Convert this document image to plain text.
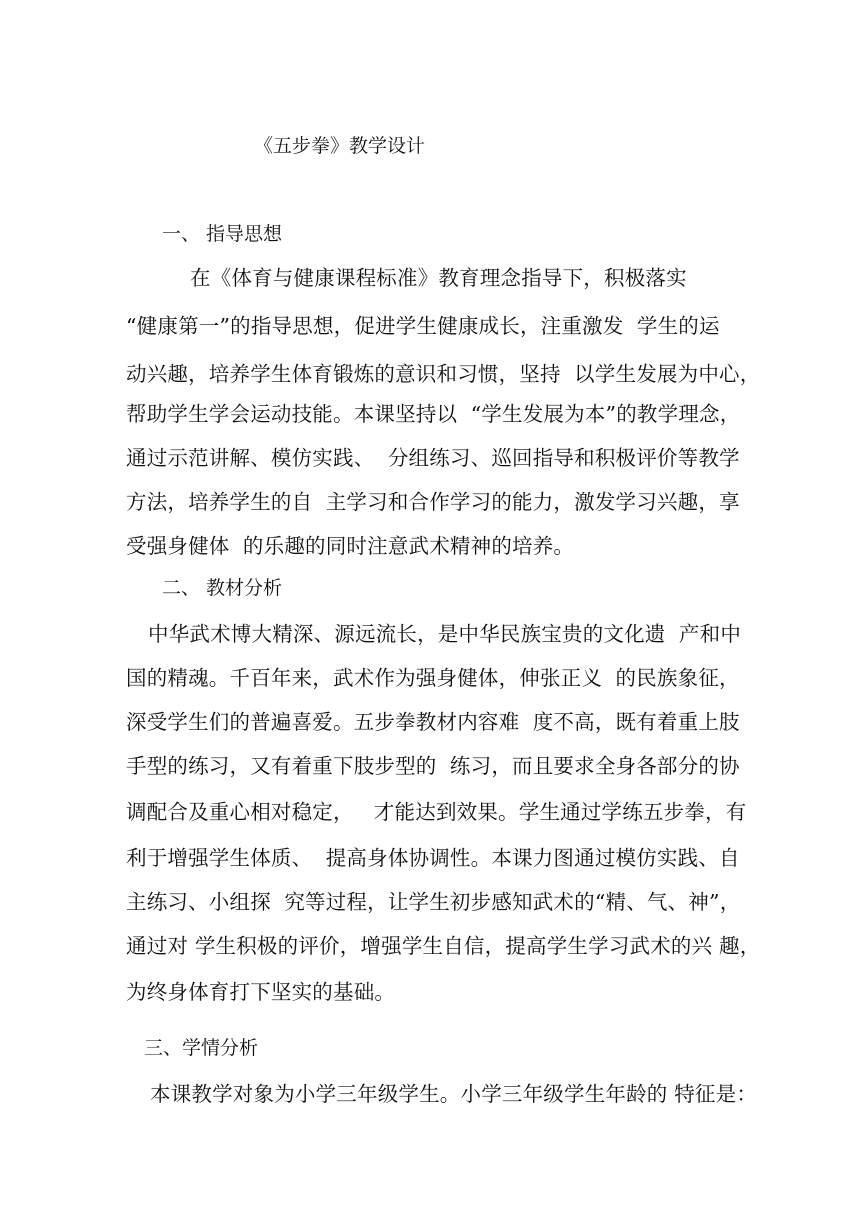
《五步拳》教学设计
一、 指导思想
在《体育与健康课程标准》教育理念指导下，积极落实
“健康第一”的指导思想，促进学生健康成长，注重激发  学生的运
动兴趣，培养学生体育锻炼的意识和习惯，坚持  以学生发展为中心，
帮助学生学会运动技能。本课坚持以  “学生发展为本”的教学理念，
通过示范讲解、模仿实践、  分组练习、巡回指导和积极评价等教学
方法，培养学生的自  主学习和合作学习的能力，激发学习兴趣，享
受强身健体  的乐趣的同时注意武术精神的培养。
二、 教材分析
中华武术博大精深、源远流长，是中华民族宝贵的文化遗  产和中
国的精魂。千百年来，武术作为强身健体，伸张正义  的民族象征，
深受学生们的普遍喜爱。五步拳教材内容难  度不高，既有着重上肢
手型的练习，又有着重下肢步型的  练习，而且要求全身各部分的协
调配合及重心相对稳定，   才能达到效果。学生通过学练五步拳，有
利于增强学生体质、  提高身体协调性。本课力图通过模仿实践、自
主练习、小组探  究等过程，让学生初步感知武术的“精、气、神”，
通过对 学生积极的评价，增强学生自信，提高学生学习武术的兴 趣，
为终身体育打下坚实的基础。
三、学情分析
本课教学对象为小学三年级学生。小学三年级学生年龄的 特征是：
